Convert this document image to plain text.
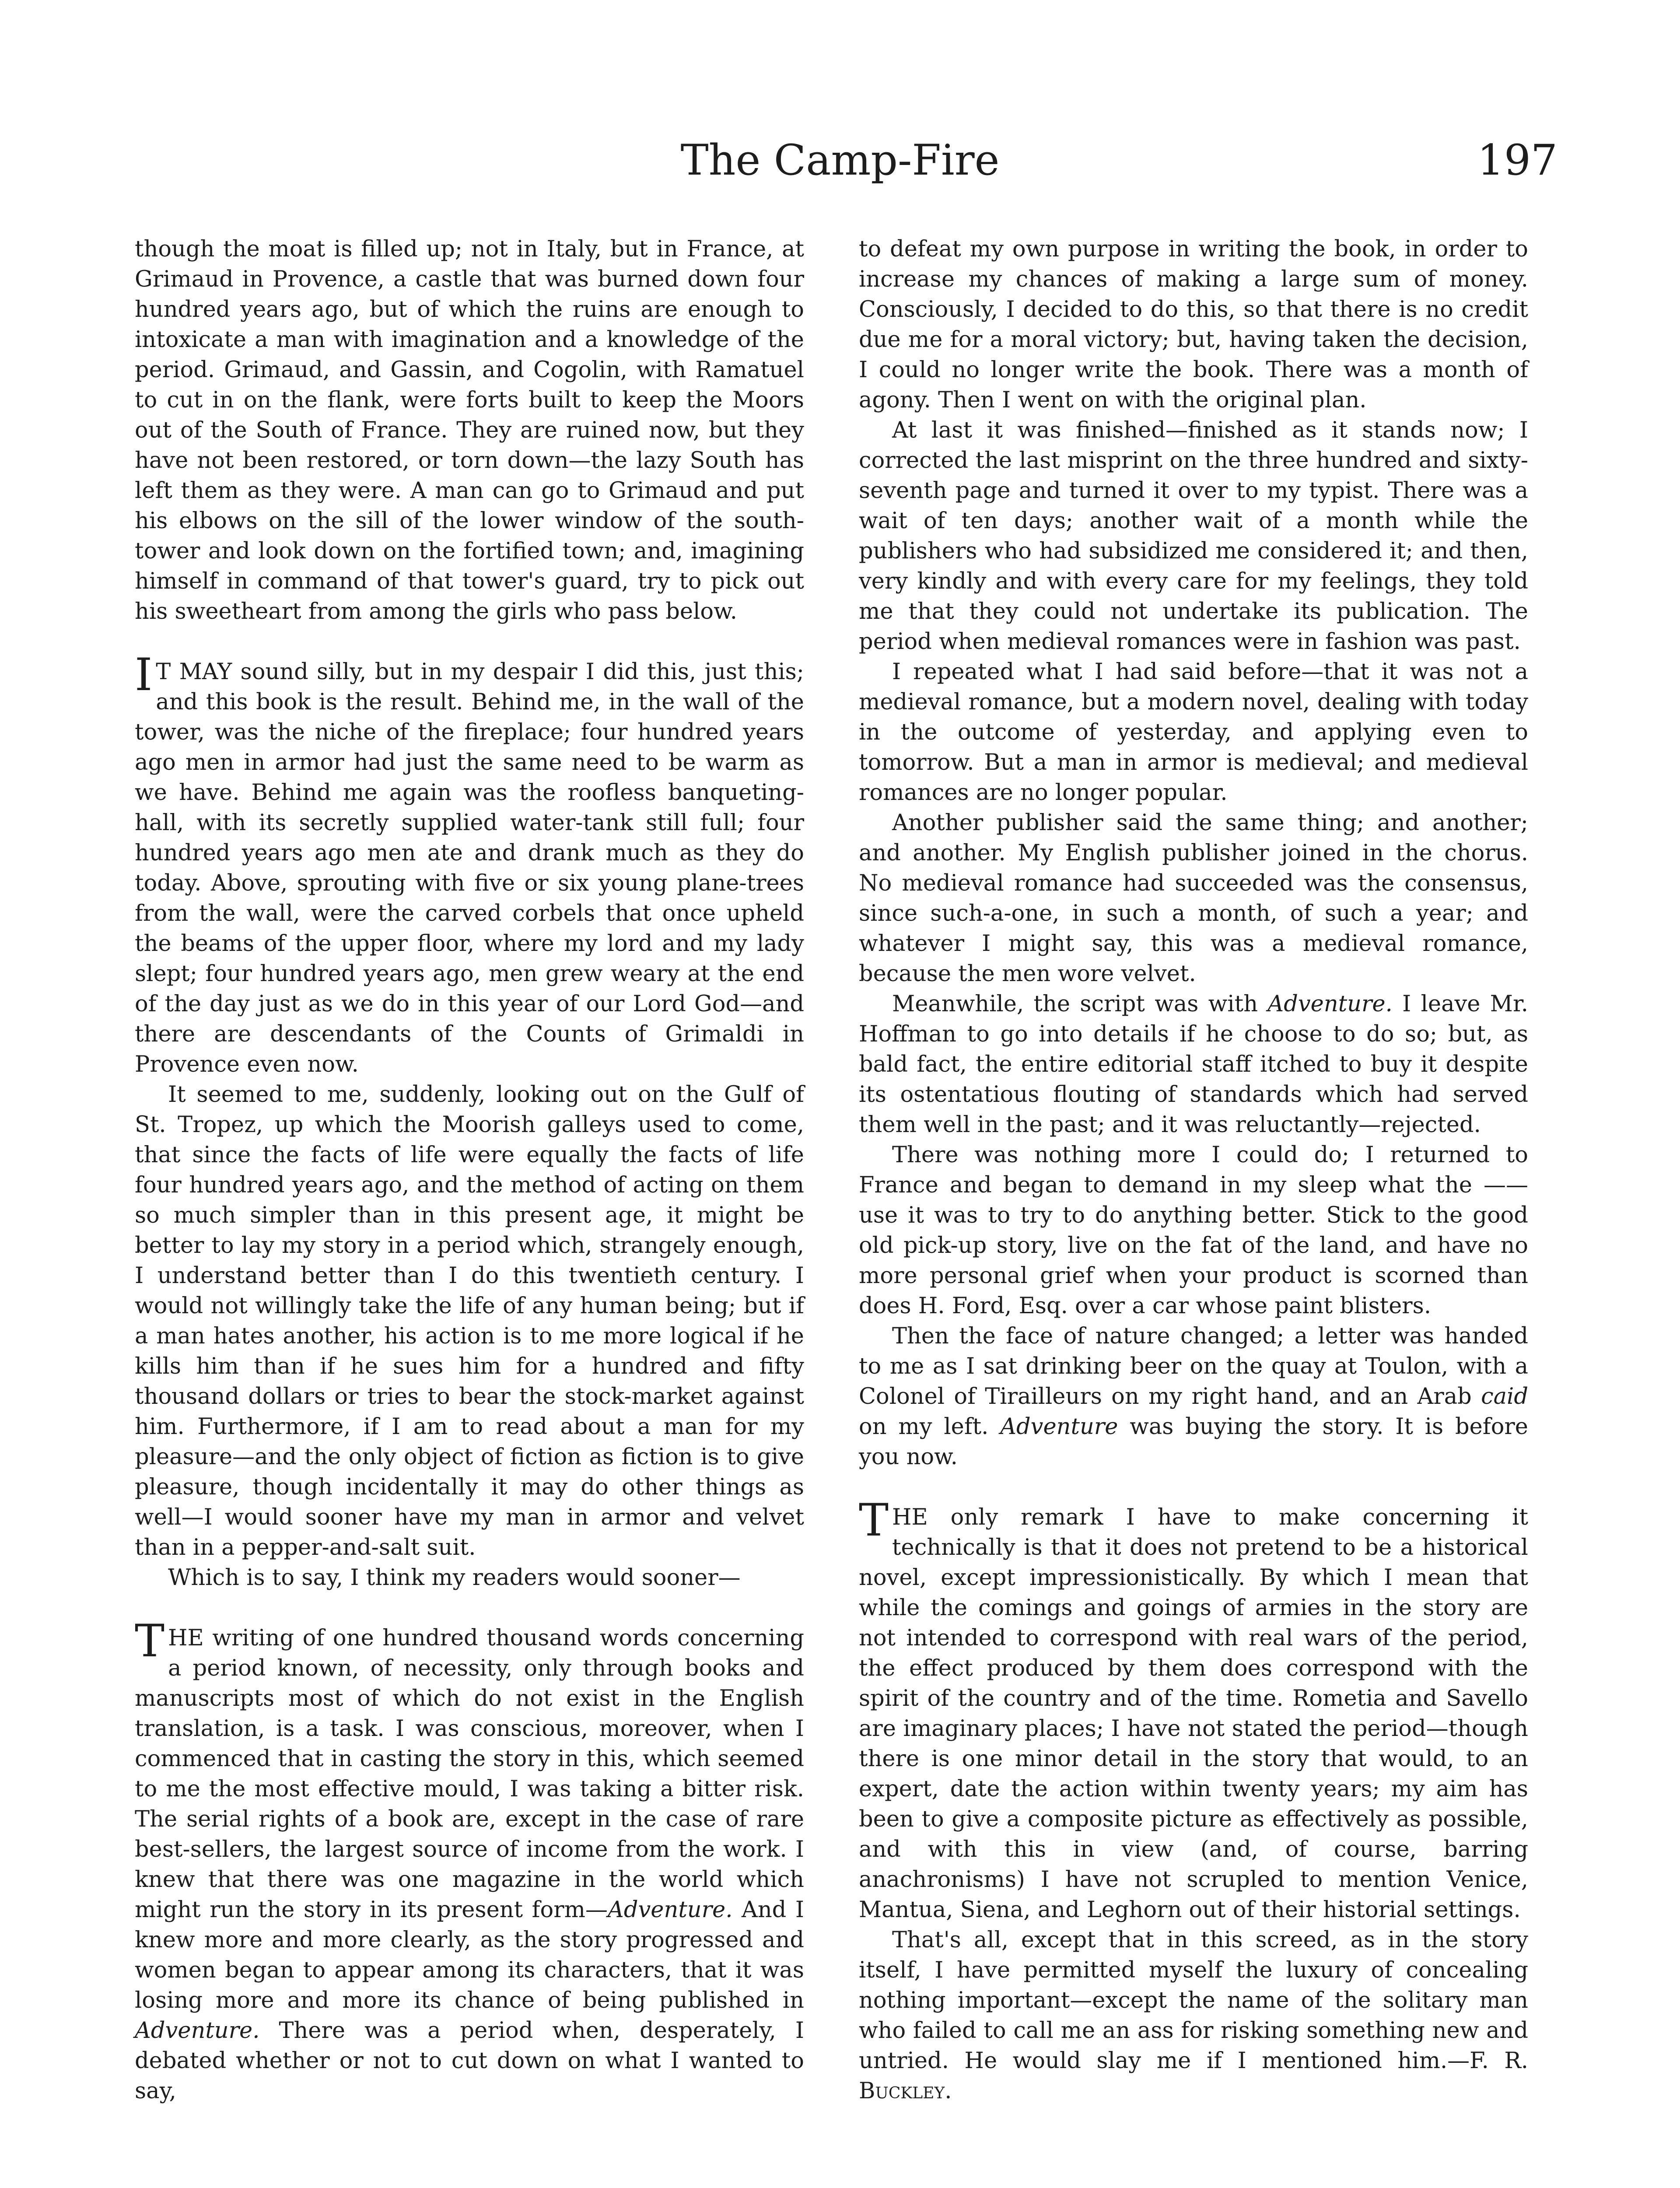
The Camp-Fire	197

though the moat is filled up; not in Italy, but in France, at Grimaud in Provence, a castle that was burned down four hundred years ago, but of which the ruins are enough to intoxicate a man with imagination and a knowledge of the period. Grimaud, and Gassin, and Cogolin, with Ramatuel to cut in on the flank, were forts built to keep the Moors out of the South of France. They are ruined now, but they have not been restored, or torn down—the lazy South has left them as they were. A man can go to Grimaud and put his elbows on the sill of the lower window of the south-tower and look down on the fortified town; and, imagining himself in command of that tower's guard, try to pick out his sweetheart from among the girls who pass below.

I T MAY sound silly, but in my despair I did this, just this; and this book is the result. Behind me, in the wall of the tower, was the niche of the fireplace; four hundred years ago men in armor had just the same need to be warm as we have. Behind me again was the roofless banqueting-hall, with its secretly supplied water-tank still full; four hundred years ago men ate and drank much as they do today. Above, sprouting with five or six young plane-trees from the wall, were the carved corbels that once upheld the beams of the upper floor, where my lord and my lady slept; four hundred years ago, men grew weary at the end of the day just as we do in this year of our Lord God—and there are descendants of the Counts of Grimaldi in Provence even now.

It seemed to me, suddenly, looking out on the Gulf of St. Tropez, up which the Moorish galleys used to come, that since the facts of life were equally the facts of life four hundred years ago, and the method of acting on them so much simpler than in this present age, it might be better to lay my story in a period which, strangely enough, I understand better than I do this twentieth century. I would not willingly take the life of any human being; but if a man hates another, his action is to me more logical if he kills him than if he sues him for a hundred and fifty thousand dollars or tries to bear the stock-market against him. Furthermore, if I am to read about a man for my pleasure—and the only object of fiction as fiction is to give pleasure, though incidentally it may do other things as well—I would sooner have my man in armor and velvet than in a pepper-and-salt suit.

Which is to say, I think my readers would sooner—

THE writing of one hundred thousand words concerning a period known, of necessity, only through books and manuscripts most of which do not exist in the English translation, is a task. I was conscious, moreover, when I commenced that in casting the story in this, which seemed to me the most effective mould, I was taking a bitter risk. The serial rights of a book are, except in the case of rare best-sellers, the largest source of income from the work. I knew that there was one magazine in the world which might run the story in its present form—Adventure. And I knew more and more clearly, as the story progressed and women began to appear among its characters, that it was losing more and more its chance of being published in Adventure. There was a period when, desperately, I debated whether or not to cut down on what I wanted to say,

to defeat my own purpose in writing the book, in order to increase my chances of making a large sum of money. Consciously, I decided to do this, so that there is no credit due me for a moral victory; but, having taken the decision, I could no longer write the book. There was a month of agony. Then I went on with the original plan.

At last it was finished—finished as it stands now; I corrected the last misprint on the three hundred and sixty-seventh page and turned it over to my typist. There was a wait of ten days; another wait of a month while the publishers who had subsidized me considered it; and then, very kindly and with every care for my feelings, they told me that they could not undertake its publication. The period when medieval romances were in fashion was past.

I repeated what I had said before—that it was not a medieval romance, but a modern novel, dealing with today in the outcome of yesterday, and applying even to tomorrow. But a man in armor is medieval; and medieval romances are no longer popular.

Another publisher said the same thing; and another; and another. My English publisher joined in the chorus. No medieval romance had succeeded was the consensus, since such-a-one, in such a month, of such a year; and whatever I might say, this was a medieval romance, because the men wore velvet.

Meanwhile, the script was with Adventure. I leave Mr. Hoffman to go into details if he choose to do so; but, as bald fact, the entire editorial staff itched to buy it despite its ostentatious flouting of standards which had served them well in the past; and it was reluctantly—rejected.

There was nothing more I could do; I returned to France and began to demand in my sleep what the —— use it was to try to do anything better. Stick to the good old pick-up story, live on the fat of the land, and have no more personal grief when your product is scorned than does H. Ford, Esq. over a car whose paint blisters.

Then the face of nature changed; a letter was handed to me as I sat drinking beer on the quay at Toulon, with a Colonel of Tirailleurs on my right hand, and an Arab caid on my left. Adventure was buying the story. It is before you now.

THE only remark I have to make concerning it technically is that it does not pretend to be a historical novel, except impressionistically. By which I mean that while the comings and goings of armies in the story are not intended to correspond with real wars of the period, the effect produced by them does correspond with the spirit of the country and of the time. Rometia and Savello are imaginary places; I have not stated the period—though there is one minor detail in the story that would, to an expert, date the action within twenty years; my aim has been to give a composite picture as effectively as possible, and with this in view (and, of course, barring anachronisms) I have not scrupled to mention Venice, Mantua, Siena, and Leghorn out of their historial settings.

That's all, except that in this screed, as in the story itself, I have permitted myself the luxury of concealing nothing important—except the name of the solitary man who failed to call me an ass for risking something new and untried. He would slay me if I mentioned him.—F. R. Buckley.
